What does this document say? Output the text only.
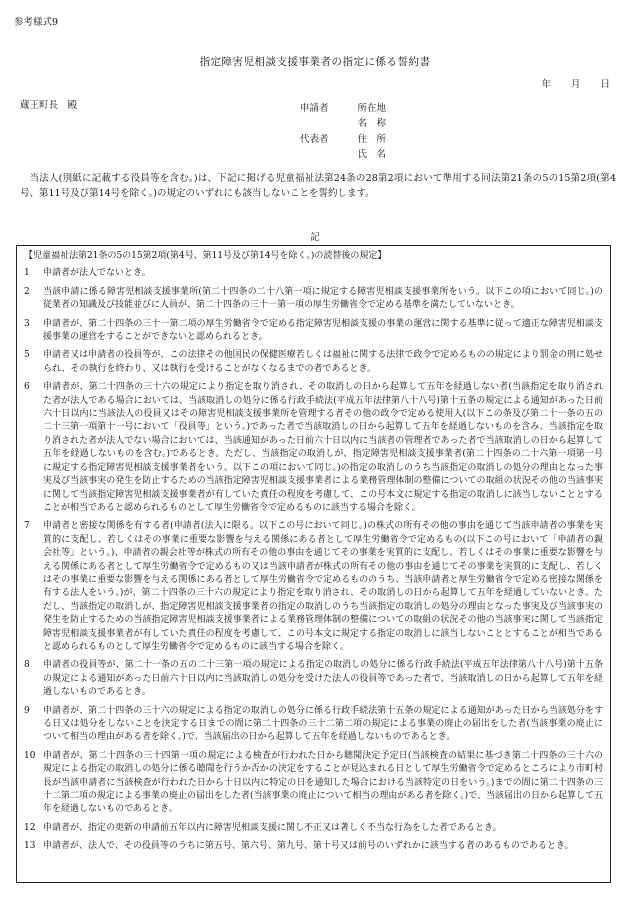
参考様式9
指定障害児相談支援事業者の指定に係る誓約書
年 月 日
蔵王町長　殿	申請者	所在地
名　称
代表者	住　所
氏　名
当法人(別紙に記載する役員等を含む。)は、下記に掲げる児童福祉法第24条の28第2項において準用する同法第21条の5の15第2項(第4号、第11号及び第14号を除く。)の規定のいずれにも該当しないことを誓約します。
記
【児童福祉法第21条の5の15第2項(第4号、第11号及び第14号を除く。)の読替後の規定】
1	申請者が法人でないとき。
2	当該申請に係る障害児相談支援事業所(第二十四条の二十八第一項に規定する障害児相談支援事業所をいう。以下この項において同じ。)の従業者の知識及び技能並びに人員が、第二十四条の三十一第一項の厚生労働省令で定める基準を満たしていないとき。
3	申請者が、第二十四条の三十一第二項の厚生労働省令で定める指定障害児相談支援の事業の運営に関する基準に従って適正な障害児相談支援事業の運営をすることができないと認められるとき。
5	申請者又は申請者の役員等が、この法律その他国民の保健医療若しくは福祉に関する法律で政令で定めるものの規定により罰金の刑に処せられ、その執行を終わり、又は執行を受けることがなくなるまでの者であるとき。
6	申請者が、第二十四条の三十六の規定により指定を取り消され、その取消しの日から起算して五年を経過しない者(当該指定を取り消された者が法人である場合においては、当該取消しの処分に係る行政手続法(平成五年法律第八十八号)第十五条の規定による通知があった日前六十日以内に当該法人の役員又はその障害児相談支援事業所を管理する者その他の政令で定める使用人(以下この条及び第二十一条の五の二十三第一項第十一号において「役員等」という。)であった者で当該取消しの日から起算して五年を経過しないものを含み、当該指定を取り消された者が法人でない場合においては、当該通知があった日前六十日以内に当該者の管理者であった者で当該取消しの日から起算して五年を経過しないものを含む。)であるとき。ただし、当該指定の取消しが、指定障害児相談支援事業者(第二十四条の二十六第一項第一号に規定する指定障害児相談支援事業者をいう。以下この項において同じ。)の指定の取消しのうち当該指定の取消しの処分の理由となった事実及び当該事実の発生を防止するための当該指定障害児相談支援事業者による業務管理体制の整備についての取組の状況その他の当該事実に関して当該指定障害児相談支援事業者が有していた責任の程度を考慮して、この号本文に規定する指定の取消しに該当しないこととすることが相当であると認められるものとして厚生労働省令で定めるものに該当する場合を除く。
7	申請者と密接な関係を有する者(申請者(法人に限る。以下この号において同じ。)の株式の所有その他の事由を通じて当該申請者の事業を実質的に支配し、若しくはその事業に重要な影響を与える関係にある者として厚生労働省令で定めるもの(以下この号において「申請者の親会社等」という。)、申請者の親会社等が株式の所有その他の事由を通じてその事業を実質的に支配し、若しくはその事業に重要な影響を与える関係にある者として厚生労働省令で定めるもの又は当該申請者が株式の所有その他の事由を通じてその事業を実質的に支配し、若しくはその事業に重要な影響を与える関係にある者として厚生労働省令で定めるもののうち、当該申請者と厚生労働省令で定める密接な関係を有する法人をいう。)が、第二十四条の三十六の規定により指定を取り消され、その取消しの日から起算して五年を経過していないとき。ただし、当該指定の取消しが、指定障害児相談支援事業者の指定の取消しのうち当該指定の取消しの処分の理由となった事実及び当該事実の発生を防止するための当該指定障害児相談支援事業者による業務管理体制の整備についての取組の状況その他の当該事実に関して当該指定障害児相談支援事業者が有していた責任の程度を考慮して、この号本文に規定する指定の取消しに該当しないこととすることが相当であると認められるものとして厚生労働省令で定めるものに該当する場合を除く。
8	申請者の役員等が、第二十一条の五の二十三第一項の規定による指定の取消しの処分に係る行政手続法(平成五年法律第八十八号)第十五条の規定による通知があった日前六十日以内に当該取消しの処分を受けた法人の役員等であった者で、当該取消しの日から起算して五年を経過しないものであるとき。
9	申請者が、第二十四条の三十六の規定による指定の取消しの処分に係る行政手続法第十五条の規定による通知があった日から当該処分をする日又は処分をしないことを決定する日までの間に第二十四条の三十二第二項の規定による事業の廃止の届出をした者(当該事業の廃止について相当の理由がある者を除く。)で、当該届出の日から起算して五年を経過しないものであるとき。
10 申請者が、第二十四条の三十四第一項の規定による検査が行われた日から聴聞決定予定日(当該検査の結果に基づき第二十四条の三十六の規定による指定の取消しの処分に係る聴聞を行うか否かの決定をすることが見込まれる日として厚生労働省令で定めるところにより市町村長が当該申請者に当該検査が行われた日から十日以内に特定の日を通知した場合における当該特定の日をいう。)までの間に第二十四条の三十二第二項の規定による事業の廃止の届出をした者(当該事業の廃止について相当の理由がある者を除く。)で、当該届出の日から起算して五年を経過しないものであるとき。
12 申請者が、指定の更新の申請前五年以内に障害児相談支援に関し不正又は著しく不当な行為をした者であるとき。
13 申請者が、法人で、その役員等のうちに第五号、第六号、第九号、第十号又は前号のいずれかに該当する者のあるものであるとき。
